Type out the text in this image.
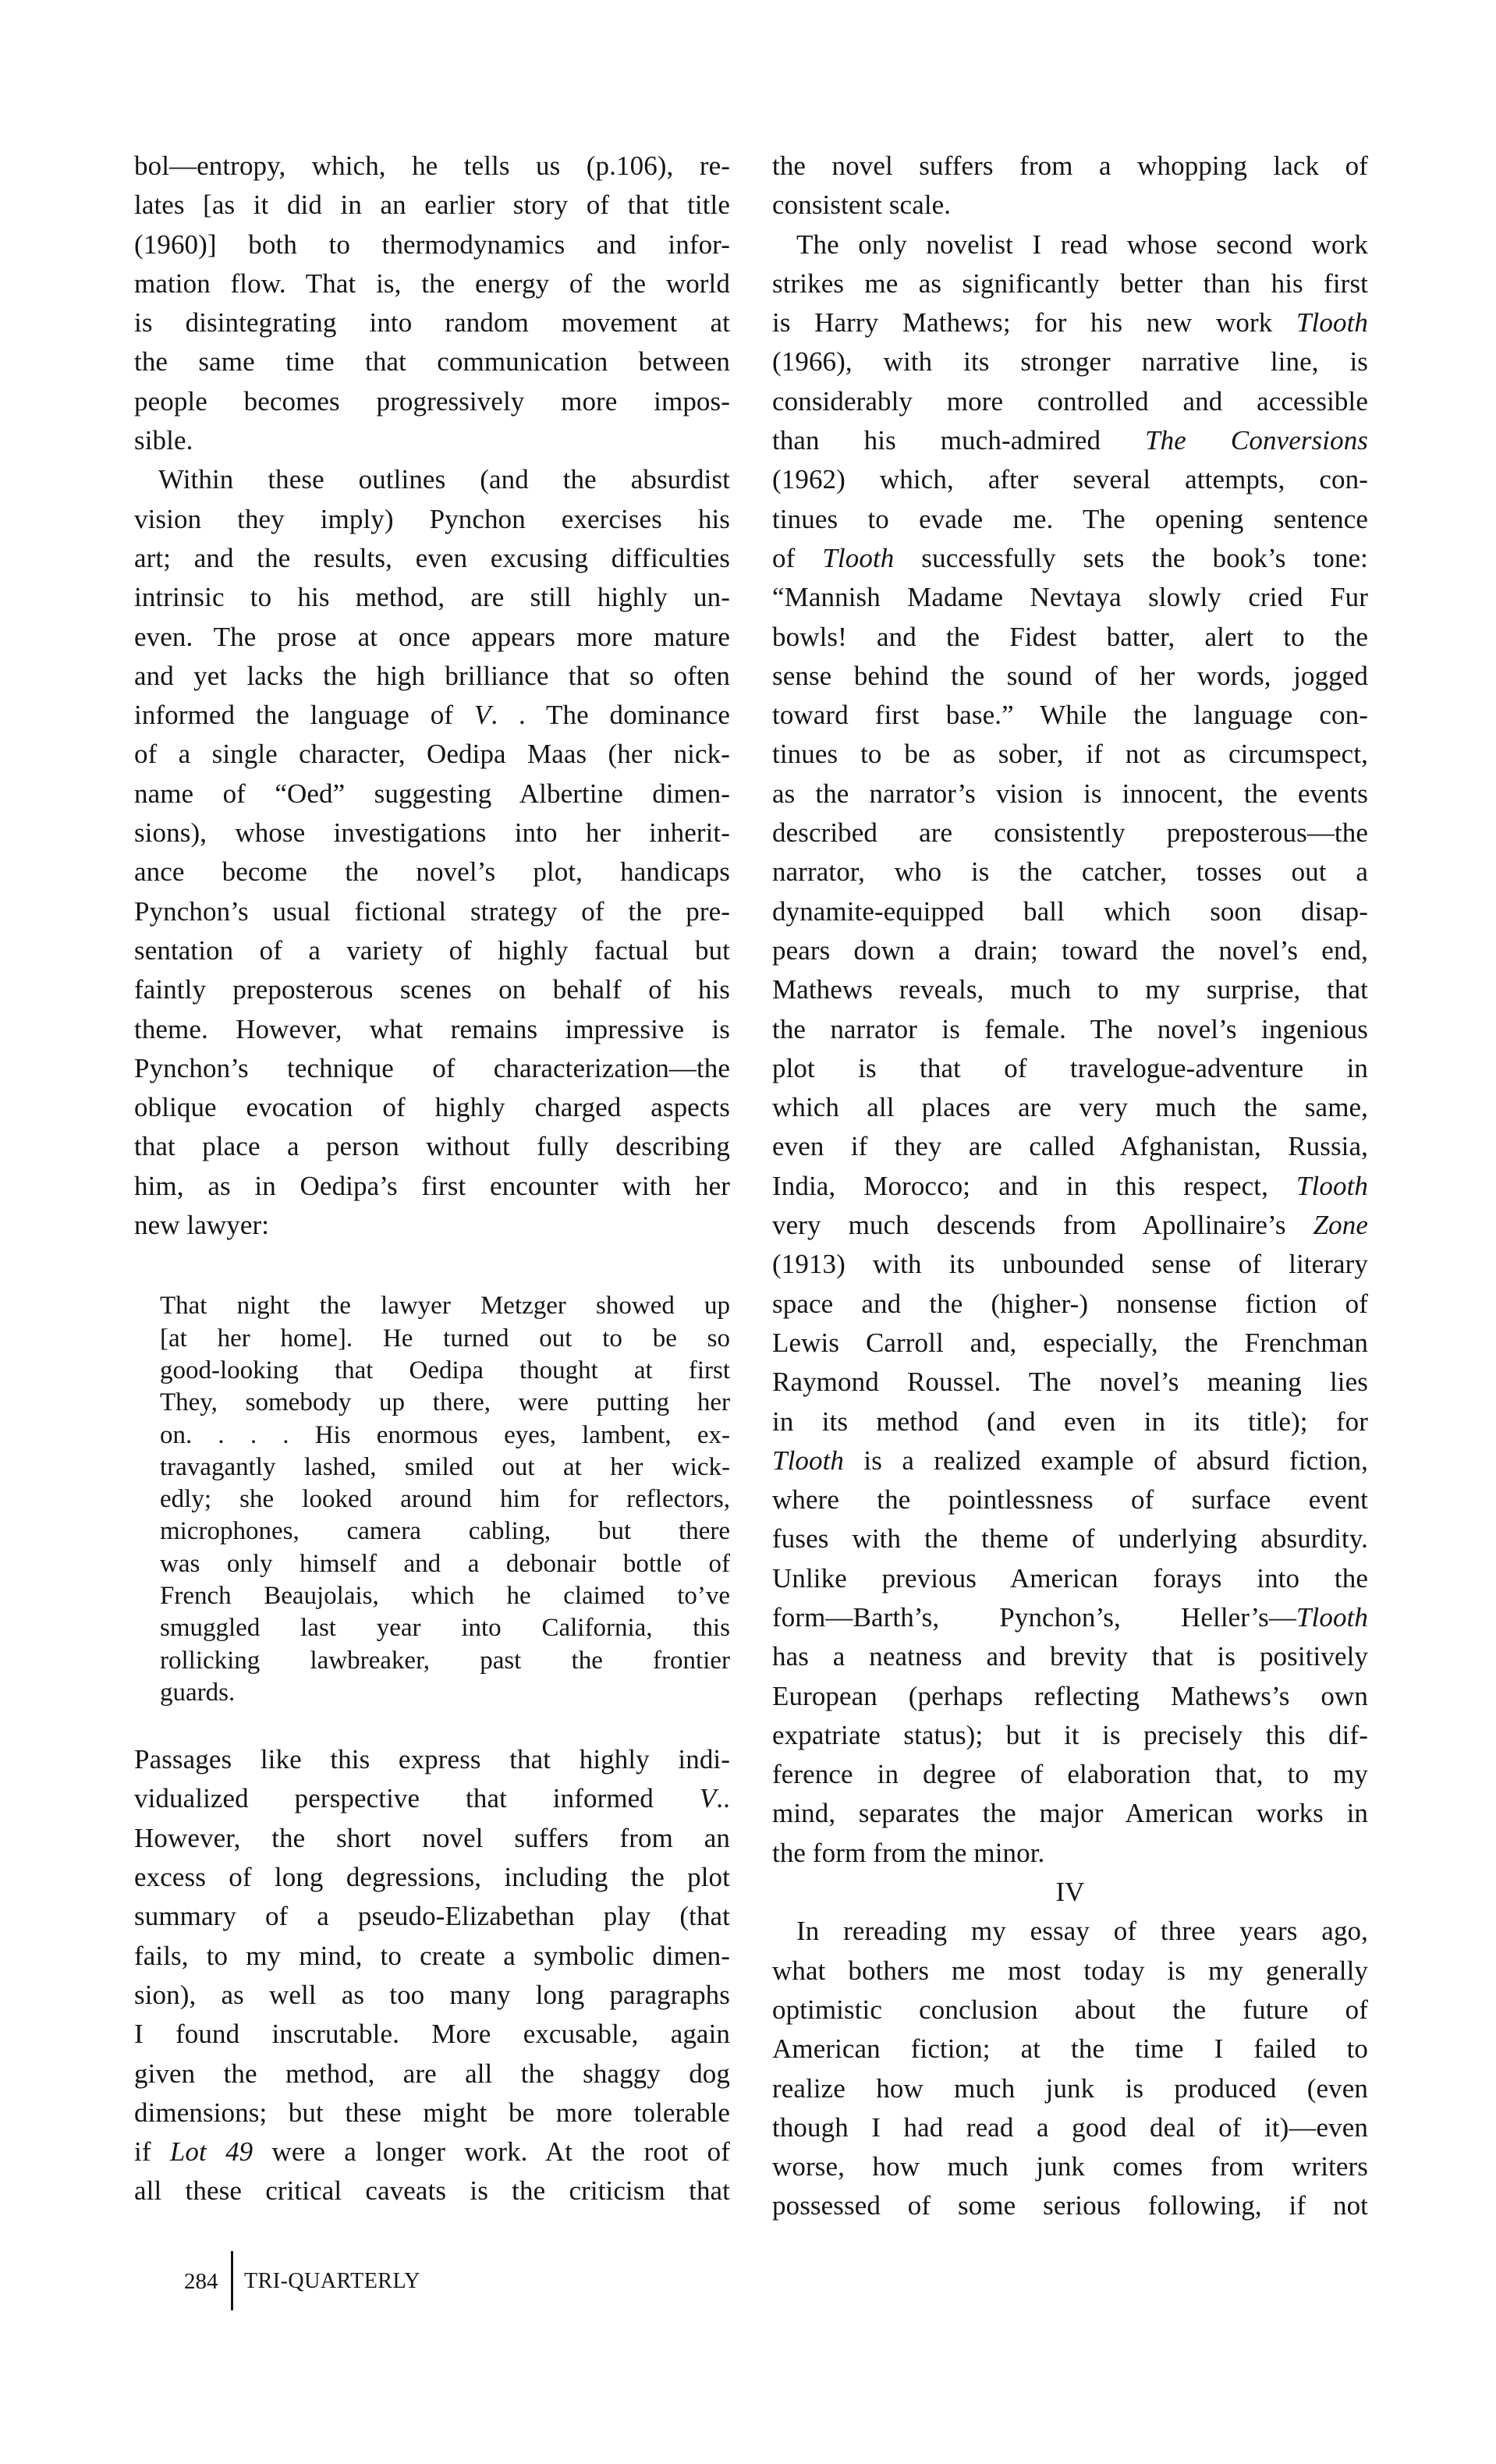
bol—entropy, which, he tells us (p.106), re-
lates [as it did in an earlier story of that title
(1960)] both to thermodynamics and infor-
mation flow. That is, the energy of the world
is disintegrating into random movement at
the same time that communication between
people becomes progressively more impos-
sible.
Within these outlines (and the absurdist
vision they imply) Pynchon exercises his
art; and the results, even excusing difficulties
intrinsic to his method, are still highly un-
even. The prose at once appears more mature
and yet lacks the high brilliance that so often
informed the language of V. . The dominance
of a single character, Oedipa Maas (her nick-
name of “Oed” suggesting Albertine dimen-
sions), whose investigations into her inherit-
ance become the novel’s plot, handicaps
Pynchon’s usual fictional strategy of the pre-
sentation of a variety of highly factual but
faintly preposterous scenes on behalf of his
theme. However, what remains impressive is
Pynchon’s technique of characterization—the
oblique evocation of highly charged aspects
that place a person without fully describing
him, as in Oedipa’s first encounter with her
new lawyer:
That night the lawyer Metzger showed up
[at her home]. He turned out to be so
good-looking that Oedipa thought at first
They, somebody up there, were putting her
on. . . . His enormous eyes, lambent, ex-
travagantly lashed, smiled out at her wick-
edly; she looked around him for reflectors,
microphones, camera cabling, but there
was only himself and a debonair bottle of
French Beaujolais, which he claimed to’ve
smuggled last year into California, this
rollicking lawbreaker, past the frontier
guards.
Passages like this express that highly indi-
vidualized perspective that informed V..
However, the short novel suffers from an
excess of long degressions, including the plot
summary of a pseudo-Elizabethan play (that
fails, to my mind, to create a symbolic dimen-
sion), as well as too many long paragraphs
I found inscrutable. More excusable, again
given the method, are all the shaggy dog
dimensions; but these might be more tolerable
if Lot 49 were a longer work. At the root of
all these critical caveats is the criticism that
the novel suffers from a whopping lack of
consistent scale.
The only novelist I read whose second work
strikes me as significantly better than his first
is Harry Mathews; for his new work Tlooth
(1966), with its stronger narrative line, is
considerably more controlled and accessible
than his much-admired The Conversions
(1962) which, after several attempts, con-
tinues to evade me. The opening sentence
of Tlooth successfully sets the book’s tone:
“Mannish Madame Nevtaya slowly cried Fur
bowls! and the Fidest batter, alert to the
sense behind the sound of her words, jogged
toward first base.” While the language con-
tinues to be as sober, if not as circumspect,
as the narrator’s vision is innocent, the events
described are consistently preposterous—the
narrator, who is the catcher, tosses out a
dynamite-equipped ball which soon disap-
pears down a drain; toward the novel’s end,
Mathews reveals, much to my surprise, that
the narrator is female. The novel’s ingenious
plot is that of travelogue-adventure in
which all places are very much the same,
even if they are called Afghanistan, Russia,
India, Morocco; and in this respect, Tlooth
very much descends from Apollinaire’s Zone
(1913) with its unbounded sense of literary
space and the (higher-) nonsense fiction of
Lewis Carroll and, especially, the Frenchman
Raymond Roussel. The novel’s meaning lies
in its method (and even in its title); for
Tlooth is a realized example of absurd fiction,
where the pointlessness of surface event
fuses with the theme of underlying absurdity.
Unlike previous American forays into the
form—Barth’s, Pynchon’s, Heller’s—Tlooth
has a neatness and brevity that is positively
European (perhaps reflecting Mathews’s own
expatriate status); but it is precisely this dif-
ference in degree of elaboration that, to my
mind, separates the major American works in
the form from the minor.
IV
In rereading my essay of three years ago,
what bothers me most today is my generally
optimistic conclusion about the future of
American fiction; at the time I failed to
realize how much junk is produced (even
though I had read a good deal of it)—even
worse, how much junk comes from writers
possessed of some serious following, if not
284 TRI-QUARTERLY
